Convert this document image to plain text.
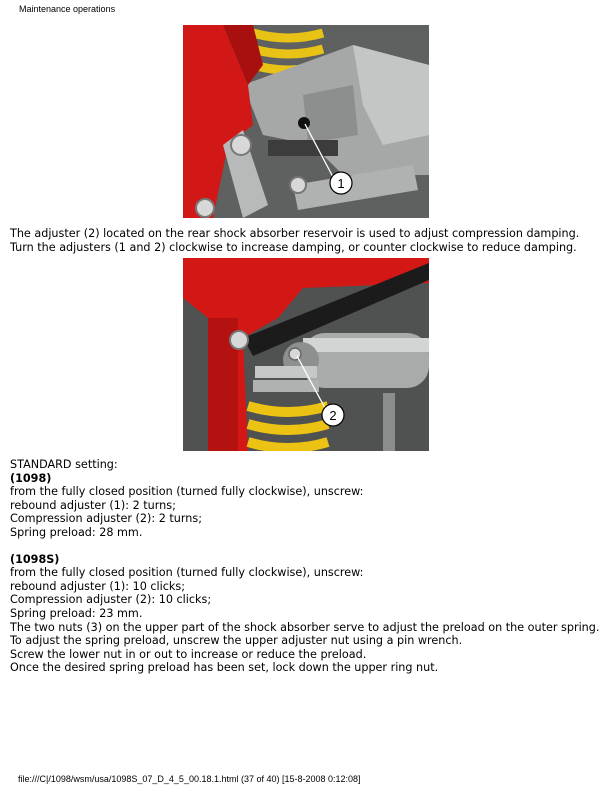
Maintenance operations
1

The adjuster (2) located on the rear shock absorber reservoir is used to adjust compression damping.

Turn the adjusters (1 and 2) clockwise to increase damping, or counter clockwise to reduce damping.

2

STANDARD setting:

(1098)

from the fully closed position (turned fully clockwise), unscrew:

rebound adjuster (1): 2 turns;

Compression adjuster (2): 2 turns;

Spring preload: 28 mm.

(1098S)

from the fully closed position (turned fully clockwise), unscrew:

rebound adjuster (1): 10 clicks;

Compression adjuster (2): 10 clicks;

Spring preload: 23 mm.

The two nuts (3) on the upper part of the shock absorber serve to adjust the preload on the outer spring. To adjust the spring preload, unscrew the upper adjuster nut using a pin wrench.

Screw the lower nut in or out to increase or reduce the preload.

Once the desired spring preload has been set, lock down the upper ring nut.

file:///C|/1098/wsm/usa/1098S_07_D_4_5_00.18.1.html (37 of 40) [15-8-2008 0:12:08]
